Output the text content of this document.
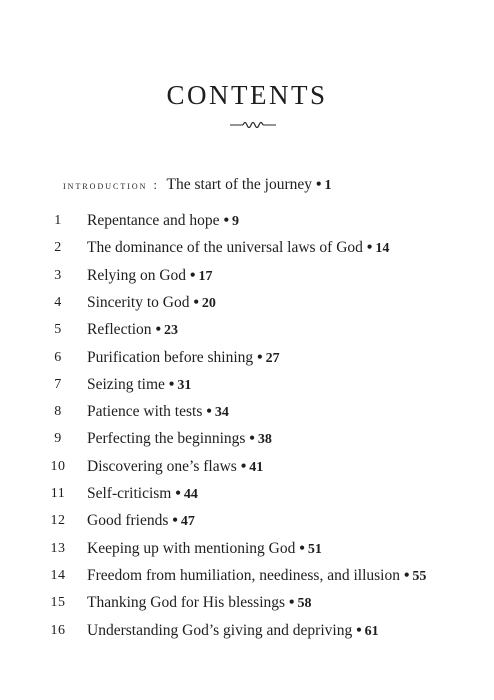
CONTENTS
introduction : The start of the journey • 1
1 Repentance and hope • 9
2 The dominance of the universal laws of God • 14
3 Relying on God • 17
4 Sincerity to God • 20
5 Reflection • 23
6 Purification before shining • 27
7 Seizing time • 31
8 Patience with tests • 34
9 Perfecting the beginnings • 38
10 Discovering one’s flaws • 41
11 Self-criticism • 44
12 Good friends • 47
13 Keeping up with mentioning God • 51
14 Freedom from humiliation, neediness, and illusion • 55
15 Thanking God for His blessings • 58
16 Understanding God’s giving and depriving • 61
